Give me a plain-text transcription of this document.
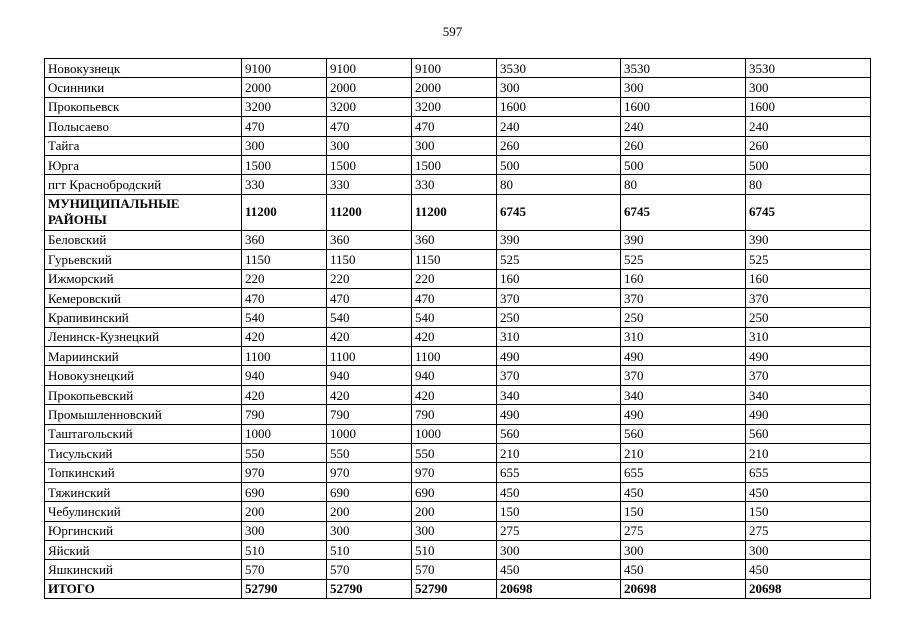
597
Новокузнецк	9100	9100	9100	3530	3530	3530
Осинники	2000	2000	2000	300	300	300
Прокопьевск	3200	3200	3200	1600	1600	1600
Полысаево	470	470	470	240	240	240
Тайга	300	300	300	260	260	260
Юрга	1500	1500	1500	500	500	500
пгт Краснобродский	330	330	330	80	80	80
МУНИЦИПАЛЬНЫЕ РАЙОНЫ	11200	11200	11200	6745	6745	6745
Беловский	360	360	360	390	390	390
Гурьевский	1150	1150	1150	525	525	525
Ижморский	220	220	220	160	160	160
Кемеровский	470	470	470	370	370	370
Крапивинский	540	540	540	250	250	250
Ленинск-Кузнецкий	420	420	420	310	310	310
Мариинский	1100	1100	1100	490	490	490
Новокузнецкий	940	940	940	370	370	370
Прокопьевский	420	420	420	340	340	340
Промышленновский	790	790	790	490	490	490
Таштагольский	1000	1000	1000	560	560	560
Тисульский	550	550	550	210	210	210
Топкинский	970	970	970	655	655	655
Тяжинский	690	690	690	450	450	450
Чебулинский	200	200	200	150	150	150
Юргинский	300	300	300	275	275	275
Яйский	510	510	510	300	300	300
Яшкинский	570	570	570	450	450	450
ИТОГО	52790	52790	52790	20698	20698	20698
